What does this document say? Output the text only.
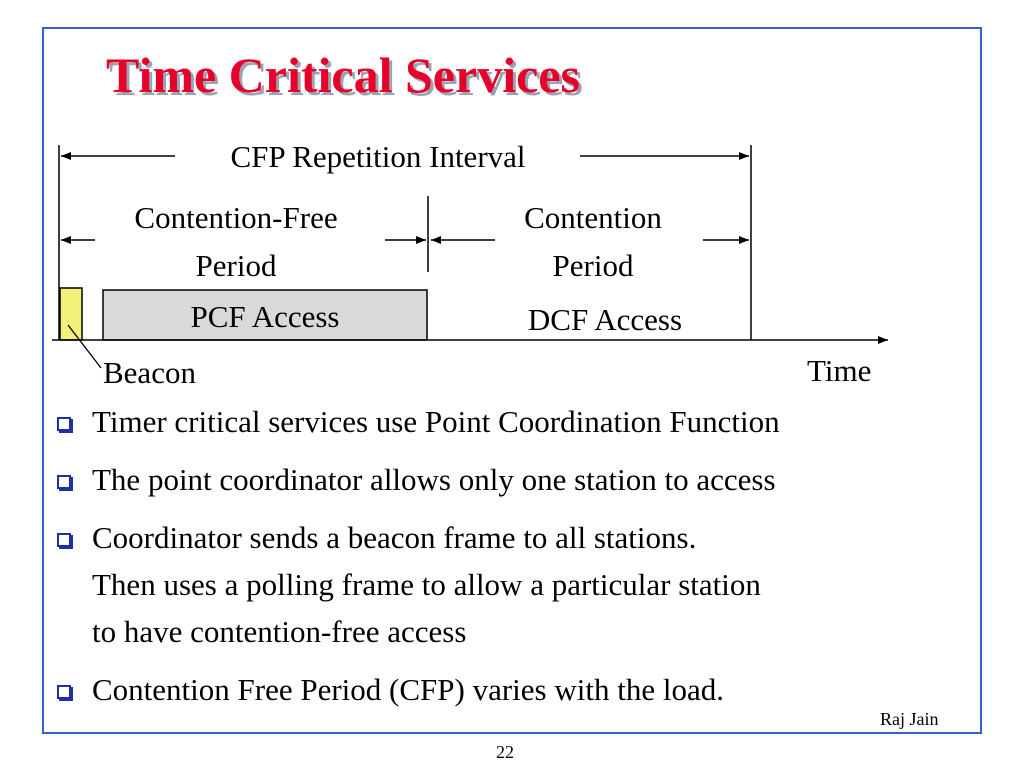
Time Critical Services
CFP Repetition Interval
Contention-Free
Period
Contention
Period
PCF Access	DCF Access
Beacon	Time
Timer critical services use Point Coordination Function
The point coordinator allows only one station to access
Coordinator sends a beacon frame to all stations.
Then uses a polling frame to allow a particular station
to have contention-free access
Contention Free Period (CFP) varies with the load.
Raj Jain
22
